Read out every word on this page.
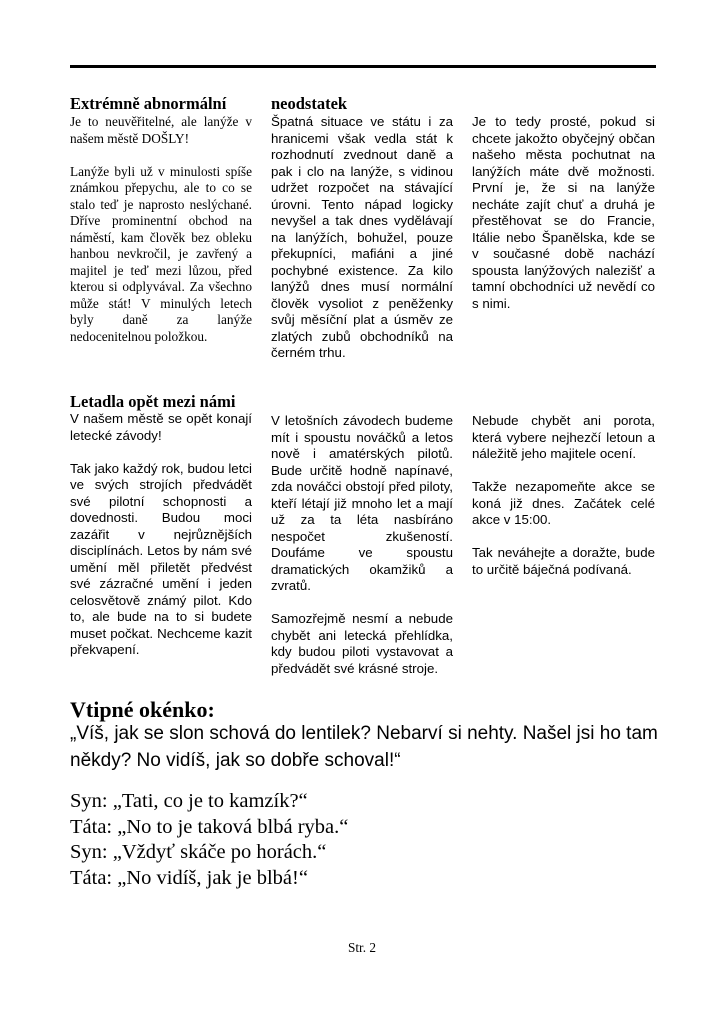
Extrémně abnormální	neodstatek

Je to neuvěřitelné, ale lanýže v našem městě DOŠLY!

Lanýže byli už v minulosti spíše známkou přepychu, ale to co se stalo teď je naprosto neslýchané. Dříve prominentní obchod na náměstí, kam člověk bez obleku hanbou nevkročil, je zavřený a majitel je teď mezi lůzou, před kterou si odplyvával. Za všechno může stát! V minulých letech byly daně za lanýže nedocenitelnou položkou.

Špatná situace ve státu i za hranicemi však vedla stát k rozhodnutí zvednout daně a pak i clo na lanýže, s vidinou udržet rozpočet na stávající úrovni. Tento nápad logicky nevyšel a tak dnes vydělávají na lanýžích, bohužel, pouze překupníci, mafiáni a jiné pochybné existence. Za kilo lanýžů dnes musí normální člověk vysoliot z peněženky svůj měsíční plat a úsměv ze zlatých zubů obchodníků na černém trhu.

Je to tedy prosté, pokud si chcete jakožto obyčejný občan našeho města pochutnat na lanýžích máte dvě možnosti. První je, že si na lanýže necháte zajít chuť a druhá je přestěhovat se do Francie, Itálie nebo Španělska, kde se v současné době nachází spousta lanýžových nalezišť a tamní obchodníci už nevědí co s nimi.

Letadla opět mezi námi

V našem městě se opět konají letecké závody!

Tak jako každý rok, budou letci ve svých strojích předvádět své pilotní schopnosti a dovednosti. Budou moci zazářit v nejrůznějších disciplínách. Letos by nám své umění měl přiletět předvést své zázračné umění i jeden celosvětově známý pilot. Kdo to, ale bude na to si budete muset počkat. Nechceme kazit překvapení.

V letošních závodech budeme mít i spoustu nováčků a letos nově i amatérských pilotů. Bude určitě hodně napínavé, zda nováčci obstojí před piloty, kteří létají již mnoho let a mají už za ta léta nasbíráno nespočet zkušeností. Doufáme ve spoustu dramatických okamžiků a zvratů.

Samozřejmě nesmí a nebude chybět ani letecká přehlídka, kdy budou piloti vystavovat a předvádět své krásné stroje.

Nebude chybět ani porota, která vybere nejhezčí letoun a náležitě jeho majitele ocení.

Takže nezapomeňte akce se koná již dnes. Začátek celé akce v 15:00.

Tak neváhejte a doražte, bude to určitě báječná podívaná.

Vtipné okénko:
„Víš, jak se slon schová do lentilek? Nebarví si nehty. Našel jsi ho tam někdy? No vidíš, jak so dobře schoval!“
Syn: „Tati, co je to kamzík?“
Táta: „No to je taková blbá ryba.“
Syn: „Vždyť skáče po horách.“
Táta: „No vidíš, jak je blbá!“
Str. 2
